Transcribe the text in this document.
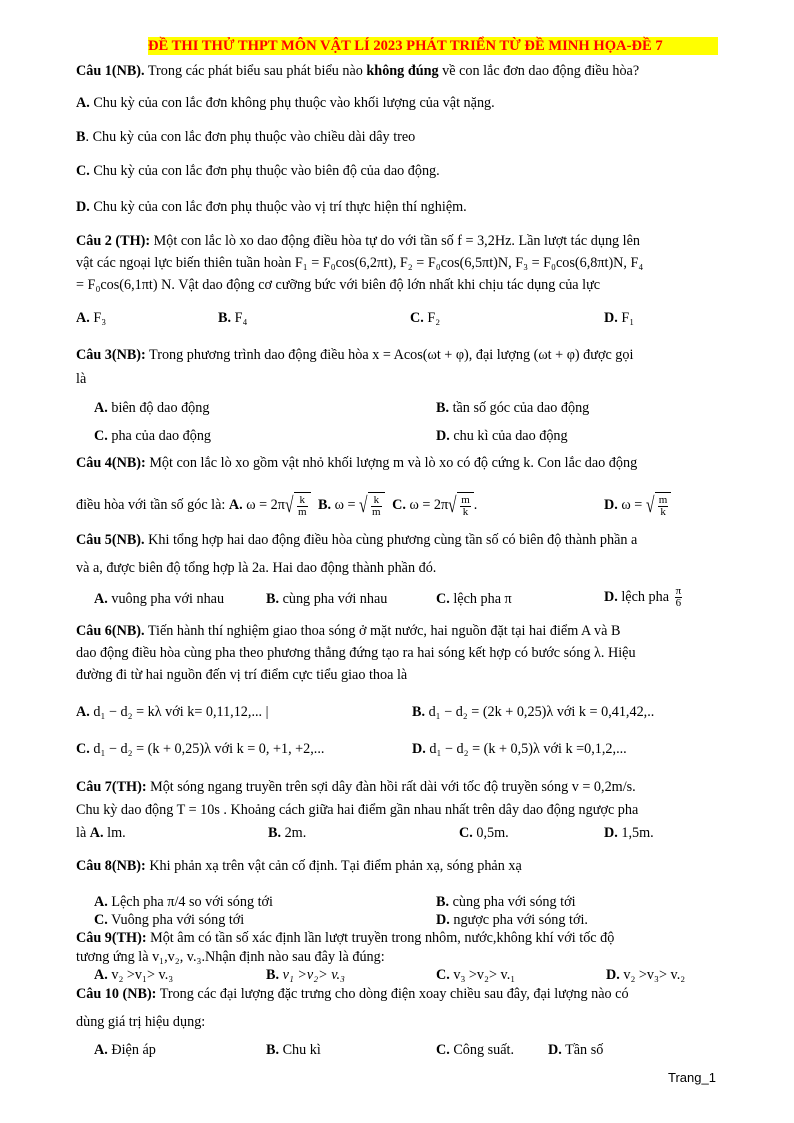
ĐỀ THI THỬ THPT MÔN VẬT LÍ 2023 PHÁT TRIỂN TỪ ĐỀ MINH HỌA-ĐỀ 7
Câu 1(NB). Trong các phát biểu sau phát biểu nào không đúng về con lắc đơn dao động điều hòa?
A. Chu kỳ của con lắc đơn không phụ thuộc vào khối lượng của vật nặng.
B. Chu kỳ của con lắc đơn phụ thuộc vào chiều dài dây treo
C. Chu kỳ của con lắc đơn phụ thuộc vào biên độ của dao động.
D. Chu kỳ của con lắc đơn phụ thuộc vào vị trí thực hiện thí nghiệm.
Câu 2 (TH): Một con lắc lò xo dao động điều hòa tự do với tần số f = 3,2Hz. Lần lượt tác dụng lên
vật các ngoại lực biến thiên tuần hoàn F₁ = F₀cos(6,2πt), F₂ = F₀cos(6,5πt)N, F₃ = F₀cos(6,8πt)N, F₄
= F₀cos(6,1πt) N. Vật dao động cơ cưỡng bức với biên độ lớn nhất khi chịu tác dụng của lực
A. F₃	B. F₄	C. F₂	D. F₁
Câu 3(NB): Trong phương trình dao động điều hòa x = Acos(ωt + φ), đại lượng (ωt + φ) được gọi
là
A. biên độ dao động	B. tần số góc của dao động
C. pha của dao động	D. chu kì của dao động
Câu 4(NB): Một con lắc lò xo gồm vật nhỏ khối lượng m và lò xo có độ cứng k. Con lắc dao động
điều hòa với tần số góc là: A. ω = 2π √ $\frac{k}{m} B$. ω = √ $\frac{k}{m} C$. ω = 2π √ $\frac{m}{k}$ .	D. ω = √ $\frac{m}{k}$
Câu 5(NB). Khi tổng hợp hai dao động điều hòa cùng phương cùng tần số có biên độ thành phần a
và a, được biên độ tổng hợp là 2a. Hai dao động thành phần đó.
A. vuông pha với nhau	B. cùng pha với nhau	C. lệch pha π	D. lệch pha $\frac{\pi}{6}$
Câu 6(NB). Tiến hành thí nghiệm giao thoa sóng ở mặt nước, hai nguồn đặt tại hai điểm A và B
dao động điều hòa cùng pha theo phương thẳng đứng tạo ra hai sóng kết hợp có bước sóng λ. Hiệu
đường đi từ hai nguồn đến vị trí điểm cực tiểu giao thoa là
A. d₁ − d₂ = kλ với k= 0,11,12,... |	B. d₁ − d₂ = (2k + 0,25)λ với k = 0,41,42,..
C. d₁ − d₂ = (k + 0,25)λ với k = 0, +1, +2,...	D. d₁ − d₂ = (k + 0,5)λ với k =0,1,2,...
Câu 7(TH): Một sóng ngang truyền trên sợi dây đàn hồi rất dài với tốc độ truyền sóng v = 0,2m/s.
Chu kỳ dao động T = 10s . Khoảng cách giữa hai điểm gần nhau nhất trên dây dao động ngược pha
là A. lm.	B. 2m.	C. 0,5m.	D. 1,5m.
Câu 8(NB): Khi phản xạ trên vật cản cố định. Tại điểm phản xạ, sóng phản xạ
A. Lệch pha π/4 so với sóng tới	B. cùng pha với sóng tới
C. Vuông pha với sóng tới	D. ngược pha với sóng tới.
Câu 9(TH): Một âm có tần số xác định lần lượt truyền trong nhôm, nước,không khí với tốc độ
tương ứng là v₁,v₂, v.₃.Nhận định nào sau đây là đúng:
A. v₂ >v₁> v.₃	B. v₁ >v₂> v.₃	C. v₃ >v₂> v.₁	D. v₂ >v₃> v.₂
Câu 10 (NB): Trong các đại lượng đặc trưng cho dòng điện xoay chiều sau đây, đại lượng nào có
dùng giá trị hiệu dụng:
A. Điện áp	B. Chu kì	C. Công suất. D. Tần số
Trang_1
